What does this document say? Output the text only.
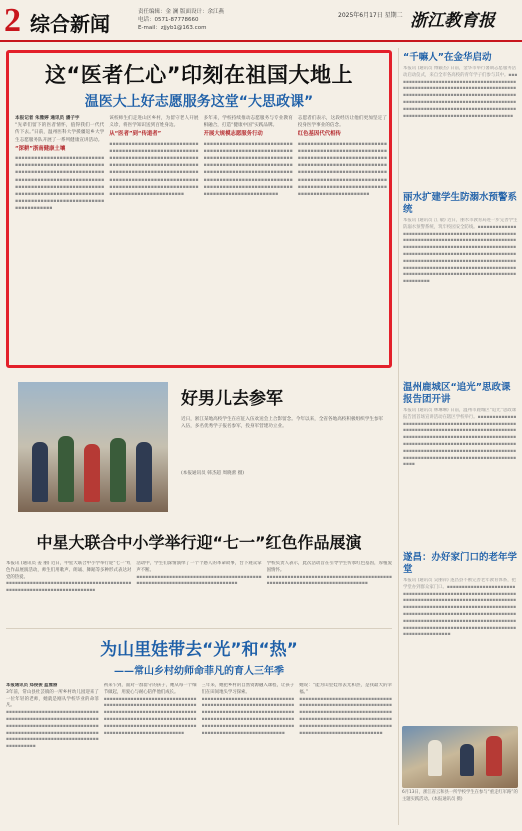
2 综合新闻	责任编辑：金 澜 版面设计：余江燕
电话：0571-87778660
E-mail：zjjyb1@163.com
2025年6月17日 星期二 浙江教育报
这“医者仁心”印刻在祖国大地上
温医大上好志愿服务这堂“大思政课”

本报记者 朱雅婷 通讯员 潘子宇

“先辈们留下的医者情怀，值得我们一代代传下去。”日前，温州医科大学援疆返乡大学生志愿服务队开展了一系列健康宣讲活动。

“深耕”浙南健康土壤

▪▪▪▪▪▪▪▪▪▪▪▪▪▪▪▪▪▪▪▪▪▪▪▪▪▪▪▪▪▪▪▪▪▪▪▪▪▪▪▪▪▪▪▪▪▪▪▪▪▪▪▪▪▪▪▪▪▪▪▪▪▪▪▪▪▪▪▪▪▪▪▪▪▪▪▪▪▪▪▪▪▪▪▪▪▪▪▪▪▪▪▪▪▪▪▪▪▪▪▪▪▪▪▪▪▪▪▪▪▪▪▪▪▪▪▪▪▪▪▪▪▪▪▪▪▪▪▪▪▪▪▪▪▪▪▪▪▪▪▪▪▪▪▪▪▪▪▪▪▪▪▪▪▪▪▪▪▪▪▪▪▪▪▪▪▪▪▪▪▪▪▪▪▪▪▪▪▪▪▪▪▪▪▪▪▪▪▪▪▪▪▪▪▪▪▪▪▪▪▪▪▪▪▪▪▪▪▪

该校师生们走进山区乡村，为留守老人开展义诊，将医学知识送到百姓身边。

从“医者”到“传道者”

▪▪▪▪▪▪▪▪▪▪▪▪▪▪▪▪▪▪▪▪▪▪▪▪▪▪▪▪▪▪▪▪▪▪▪▪▪▪▪▪▪▪▪▪▪▪▪▪▪▪▪▪▪▪▪▪▪▪▪▪▪▪▪▪▪▪▪▪▪▪▪▪▪▪▪▪▪▪▪▪▪▪▪▪▪▪▪▪▪▪▪▪▪▪▪▪▪▪▪▪▪▪▪▪▪▪▪▪▪▪▪▪▪▪▪▪▪▪▪▪▪▪▪▪▪▪▪▪▪▪▪▪▪▪▪▪▪▪▪▪▪▪▪▪▪▪▪▪▪▪▪▪▪▪▪▪▪▪▪▪▪▪▪▪▪▪▪▪▪▪▪▪▪▪▪▪▪▪▪▪▪▪▪▪▪▪▪▪▪▪▪▪▪▪▪▪▪▪▪▪▪▪▪▪▪▪▪▪▪▪▪▪▪▪▪▪▪▪▪▪

多年来，学校持续推动志愿服务与专业教育相融合，打造“健康中国”实践品牌。

开展大规模志愿服务行动

▪▪▪▪▪▪▪▪▪▪▪▪▪▪▪▪▪▪▪▪▪▪▪▪▪▪▪▪▪▪▪▪▪▪▪▪▪▪▪▪▪▪▪▪▪▪▪▪▪▪▪▪▪▪▪▪▪▪▪▪▪▪▪▪▪▪▪▪▪▪▪▪▪▪▪▪▪▪▪▪▪▪▪▪▪▪▪▪▪▪▪▪▪▪▪▪▪▪▪▪▪▪▪▪▪▪▪▪▪▪▪▪▪▪▪▪▪▪▪▪▪▪▪▪▪▪▪▪▪▪▪▪▪▪▪▪▪▪▪▪▪▪▪▪▪▪▪▪▪▪▪▪▪▪▪▪▪▪▪▪▪▪▪▪▪▪▪▪▪▪▪▪▪▪▪▪▪▪▪▪▪▪▪▪▪▪▪▪▪▪▪▪▪▪▪▪▪▪▪▪▪▪▪▪▪▪▪▪▪▪▪▪▪▪▪▪▪▪▪▪

志愿者们表示，这段经历让他们更加坚定了投身医学事业的信念。

红色基因代代相传

▪▪▪▪▪▪▪▪▪▪▪▪▪▪▪▪▪▪▪▪▪▪▪▪▪▪▪▪▪▪▪▪▪▪▪▪▪▪▪▪▪▪▪▪▪▪▪▪▪▪▪▪▪▪▪▪▪▪▪▪▪▪▪▪▪▪▪▪▪▪▪▪▪▪▪▪▪▪▪▪▪▪▪▪▪▪▪▪▪▪▪▪▪▪▪▪▪▪▪▪▪▪▪▪▪▪▪▪▪▪▪▪▪▪▪▪▪▪▪▪▪▪▪▪▪▪▪▪▪▪▪▪▪▪▪▪▪▪▪▪▪▪▪▪▪▪▪▪▪▪▪▪▪▪▪▪▪▪▪▪▪▪▪▪▪▪▪▪▪▪▪▪▪▪▪▪▪▪▪▪▪▪▪▪▪▪▪▪▪▪▪▪▪▪▪▪▪▪▪▪▪▪▪▪▪▪▪▪▪▪▪▪▪▪▪▪▪▪▪

好男儿去参军
近日，浙江某地高校学生在应征入伍欢送会上合影留念。今年以来，全省各地高校积极组织学生参军入伍，多名优秀学子报名参军，投身军营建功立业。
(本报通讯员 韩杰超 周晓蕾 摄)
中星大联合中小学举行迎“七一”红色作品展演

本报讯 (通讯员 姜 丽) 近日，中星大联合中小学举行迎“七一”红色作品展演活动，师生们用歌声、朗诵、舞蹈等多种形式表达对党的热爱。

▪▪▪▪▪▪▪▪▪▪▪▪▪▪▪▪▪▪▪▪▪▪▪▪▪▪▪▪▪▪▪▪▪▪▪▪▪▪▪▪▪▪▪▪▪▪▪▪▪▪▪▪▪▪▪▪▪▪▪▪▪▪▪▪▪▪▪▪▪▪▪▪

活动中，学生们深情演绎了一个个感人的革命故事，台下观众掌声不断。

▪▪▪▪▪▪▪▪▪▪▪▪▪▪▪▪▪▪▪▪▪▪▪▪▪▪▪▪▪▪▪▪▪▪▪▪▪▪▪▪▪▪▪▪▪▪▪▪▪▪▪▪▪▪▪▪▪▪▪▪▪▪▪▪▪▪▪▪▪▪▪▪▪▪▪▪

学校负责人表示，此次活动旨在引导学生传承红色基因，厚植爱国情怀。

▪▪▪▪▪▪▪▪▪▪▪▪▪▪▪▪▪▪▪▪▪▪▪▪▪▪▪▪▪▪▪▪▪▪▪▪▪▪▪▪▪▪▪▪▪▪▪▪▪▪▪▪▪▪▪▪▪▪▪▪▪▪▪▪▪▪▪▪▪▪▪▪▪▪▪▪

为山里娃带去“光”和“热”
——常山乡村幼师命菲凡的育人三年季

本报通讯员 郑俊俊 蓝雅丽

3年前，常山县杜芸镇的一所乡村幼儿园迎来了一位年轻的老师，她就是刚从学校毕业的命菲凡。

▪▪▪▪▪▪▪▪▪▪▪▪▪▪▪▪▪▪▪▪▪▪▪▪▪▪▪▪▪▪▪▪▪▪▪▪▪▪▪▪▪▪▪▪▪▪▪▪▪▪▪▪▪▪▪▪▪▪▪▪▪▪▪▪▪▪▪▪▪▪▪▪▪▪▪▪▪▪▪▪▪▪▪▪▪▪▪▪▪▪▪▪▪▪▪▪▪▪▪▪▪▪▪▪▪▪▪▪▪▪▪▪▪▪▪▪▪▪▪▪▪▪▪▪▪▪▪▪▪▪▪▪▪▪▪▪▪▪▪▪▪▪▪▪▪▪▪▪▪▪▪▪▪▪▪▪▪▪▪▪▪▪▪▪▪

初来乍到，面对一群留守的孩子，她从每一个细节做起，用爱心与耐心陪伴他们成长。

▪▪▪▪▪▪▪▪▪▪▪▪▪▪▪▪▪▪▪▪▪▪▪▪▪▪▪▪▪▪▪▪▪▪▪▪▪▪▪▪▪▪▪▪▪▪▪▪▪▪▪▪▪▪▪▪▪▪▪▪▪▪▪▪▪▪▪▪▪▪▪▪▪▪▪▪▪▪▪▪▪▪▪▪▪▪▪▪▪▪▪▪▪▪▪▪▪▪▪▪▪▪▪▪▪▪▪▪▪▪▪▪▪▪▪▪▪▪▪▪▪▪▪▪▪▪▪▪▪▪▪▪▪▪▪▪▪▪▪▪▪▪▪▪▪▪▪▪▪▪▪▪▪▪▪▪▪▪▪▪▪▪▪▪▪▪▪▪▪▪▪▪▪▪▪▪▪▪▪▪▪▪

三年来，她把乡村的自然资源融入课程，让孩子们在田间地头学习探索。

▪▪▪▪▪▪▪▪▪▪▪▪▪▪▪▪▪▪▪▪▪▪▪▪▪▪▪▪▪▪▪▪▪▪▪▪▪▪▪▪▪▪▪▪▪▪▪▪▪▪▪▪▪▪▪▪▪▪▪▪▪▪▪▪▪▪▪▪▪▪▪▪▪▪▪▪▪▪▪▪▪▪▪▪▪▪▪▪▪▪▪▪▪▪▪▪▪▪▪▪▪▪▪▪▪▪▪▪▪▪▪▪▪▪▪▪▪▪▪▪▪▪▪▪▪▪▪▪▪▪▪▪▪▪▪▪▪▪▪▪▪▪▪▪▪▪▪▪▪▪▪▪▪▪▪▪▪▪▪▪▪▪▪▪▪▪▪▪▪▪▪▪▪▪▪▪▪▪▪▪▪▪▪

她说：“能为山里娃带去光和热，是我最大的幸福。”

▪▪▪▪▪▪▪▪▪▪▪▪▪▪▪▪▪▪▪▪▪▪▪▪▪▪▪▪▪▪▪▪▪▪▪▪▪▪▪▪▪▪▪▪▪▪▪▪▪▪▪▪▪▪▪▪▪▪▪▪▪▪▪▪▪▪▪▪▪▪▪▪▪▪▪▪▪▪▪▪▪▪▪▪▪▪▪▪▪▪▪▪▪▪▪▪▪▪▪▪▪▪▪▪▪▪▪▪▪▪▪▪▪▪▪▪▪▪▪▪▪▪▪▪▪▪▪▪▪▪▪▪▪▪▪▪▪▪▪▪▪▪▪▪▪▪▪▪▪▪▪▪▪▪▪▪▪▪▪▪▪▪▪▪▪▪▪▪▪▪▪▪▪▪▪▪▪▪▪▪▪▪▪

“千嘛人”在金华启动
本报讯 (通讯员 傅颖杰) 日前，金华市举行暑期志愿服务活动启动仪式，来自全市各高校的青年学子们参与其中。▪▪▪▪▪▪▪▪▪▪▪▪▪▪▪▪▪▪▪▪▪▪▪▪▪▪▪▪▪▪▪▪▪▪▪▪▪▪▪▪▪▪▪▪▪▪▪▪▪▪▪▪▪▪▪▪▪▪▪▪▪▪▪▪▪▪▪▪▪▪▪▪▪▪▪▪▪▪▪▪▪▪▪▪▪▪▪▪▪▪▪▪▪▪▪▪▪▪▪▪▪▪▪▪▪▪▪▪▪▪▪▪▪▪▪▪▪▪▪▪▪▪▪▪▪▪▪▪▪▪▪▪▪▪▪▪▪▪▪▪▪▪▪▪▪▪▪▪▪▪▪▪▪▪▪▪▪▪▪▪▪▪▪▪▪▪▪▪▪▪▪▪▪▪▪▪▪▪▪▪▪▪▪▪▪▪▪▪▪▪▪▪▪▪▪▪▪▪▪▪▪▪▪▪▪▪▪▪▪▪▪▪▪▪▪▪▪▪▪▪▪▪▪▪▪▪▪▪▪▪
丽水扩建学生防溺水预警系统
本报讯 (通讯员 江 敏) 近日，丽水市教育局进一步完善学生防溺水预警系统，筑牢校园安全防线。▪▪▪▪▪▪▪▪▪▪▪▪▪▪▪▪▪▪▪▪▪▪▪▪▪▪▪▪▪▪▪▪▪▪▪▪▪▪▪▪▪▪▪▪▪▪▪▪▪▪▪▪▪▪▪▪▪▪▪▪▪▪▪▪▪▪▪▪▪▪▪▪▪▪▪▪▪▪▪▪▪▪▪▪▪▪▪▪▪▪▪▪▪▪▪▪▪▪▪▪▪▪▪▪▪▪▪▪▪▪▪▪▪▪▪▪▪▪▪▪▪▪▪▪▪▪▪▪▪▪▪▪▪▪▪▪▪▪▪▪▪▪▪▪▪▪▪▪▪▪▪▪▪▪▪▪▪▪▪▪▪▪▪▪▪▪▪▪▪▪▪▪▪▪▪▪▪▪▪▪▪▪▪▪▪▪▪▪▪▪▪▪▪▪▪▪▪▪▪▪▪▪▪▪▪▪▪▪▪▪▪▪▪▪▪▪▪▪▪▪▪▪▪▪▪▪▪▪▪▪▪▪▪▪▪▪▪▪▪▪▪▪▪▪▪▪▪▪▪▪▪▪▪▪▪▪▪▪▪▪▪▪▪▪▪▪▪▪▪▪▪▪▪▪▪▪▪▪▪▪▪▪▪▪▪▪▪▪
温州鹿城区“追光”思政课报告团开讲
本报讯 (通讯员 林琳琳) 日前，温州市鹿城区“追光”思政课报告团首场宣讲活动在辖区学校举行。▪▪▪▪▪▪▪▪▪▪▪▪▪▪▪▪▪▪▪▪▪▪▪▪▪▪▪▪▪▪▪▪▪▪▪▪▪▪▪▪▪▪▪▪▪▪▪▪▪▪▪▪▪▪▪▪▪▪▪▪▪▪▪▪▪▪▪▪▪▪▪▪▪▪▪▪▪▪▪▪▪▪▪▪▪▪▪▪▪▪▪▪▪▪▪▪▪▪▪▪▪▪▪▪▪▪▪▪▪▪▪▪▪▪▪▪▪▪▪▪▪▪▪▪▪▪▪▪▪▪▪▪▪▪▪▪▪▪▪▪▪▪▪▪▪▪▪▪▪▪▪▪▪▪▪▪▪▪▪▪▪▪▪▪▪▪▪▪▪▪▪▪▪▪▪▪▪▪▪▪▪▪▪▪▪▪▪▪▪▪▪▪▪▪▪▪▪▪▪▪▪▪▪▪▪▪▪▪▪▪▪▪▪▪▪▪▪▪▪▪▪▪▪▪▪▪▪▪▪▪▪▪▪▪▪▪▪▪▪▪▪▪▪▪▪
遂昌：办好家门口的老年学堂
本报讯 (通讯员 吴丽萍) 遂昌县不断完善老年教育体系，把学堂办到群众家门口。▪▪▪▪▪▪▪▪▪▪▪▪▪▪▪▪▪▪▪▪▪▪▪▪▪▪▪▪▪▪▪▪▪▪▪▪▪▪▪▪▪▪▪▪▪▪▪▪▪▪▪▪▪▪▪▪▪▪▪▪▪▪▪▪▪▪▪▪▪▪▪▪▪▪▪▪▪▪▪▪▪▪▪▪▪▪▪▪▪▪▪▪▪▪▪▪▪▪▪▪▪▪▪▪▪▪▪▪▪▪▪▪▪▪▪▪▪▪▪▪▪▪▪▪▪▪▪▪▪▪▪▪▪▪▪▪▪▪▪▪▪▪▪▪▪▪▪▪▪▪▪▪▪▪▪▪▪▪▪▪▪▪▪▪▪▪▪▪▪▪▪▪▪▪▪▪▪▪▪▪▪▪▪▪▪▪▪▪▪▪▪▪▪▪▪▪▪▪▪▪▪▪▪▪▪▪▪▪▪▪▪▪▪▪▪▪▪▪▪▪▪▪▪▪▪▪▪▪▪▪▪▪▪▪▪▪▪▪▪▪▪▪▪▪▪▪▪▪▪▪▪▪▪▪▪▪▪▪▪▪▪▪▪▪▪▪▪
6月13日，浙江省云和县一所学校学生在参与“重走红军路”的主题实践活动。(本报通讯员 摄)
